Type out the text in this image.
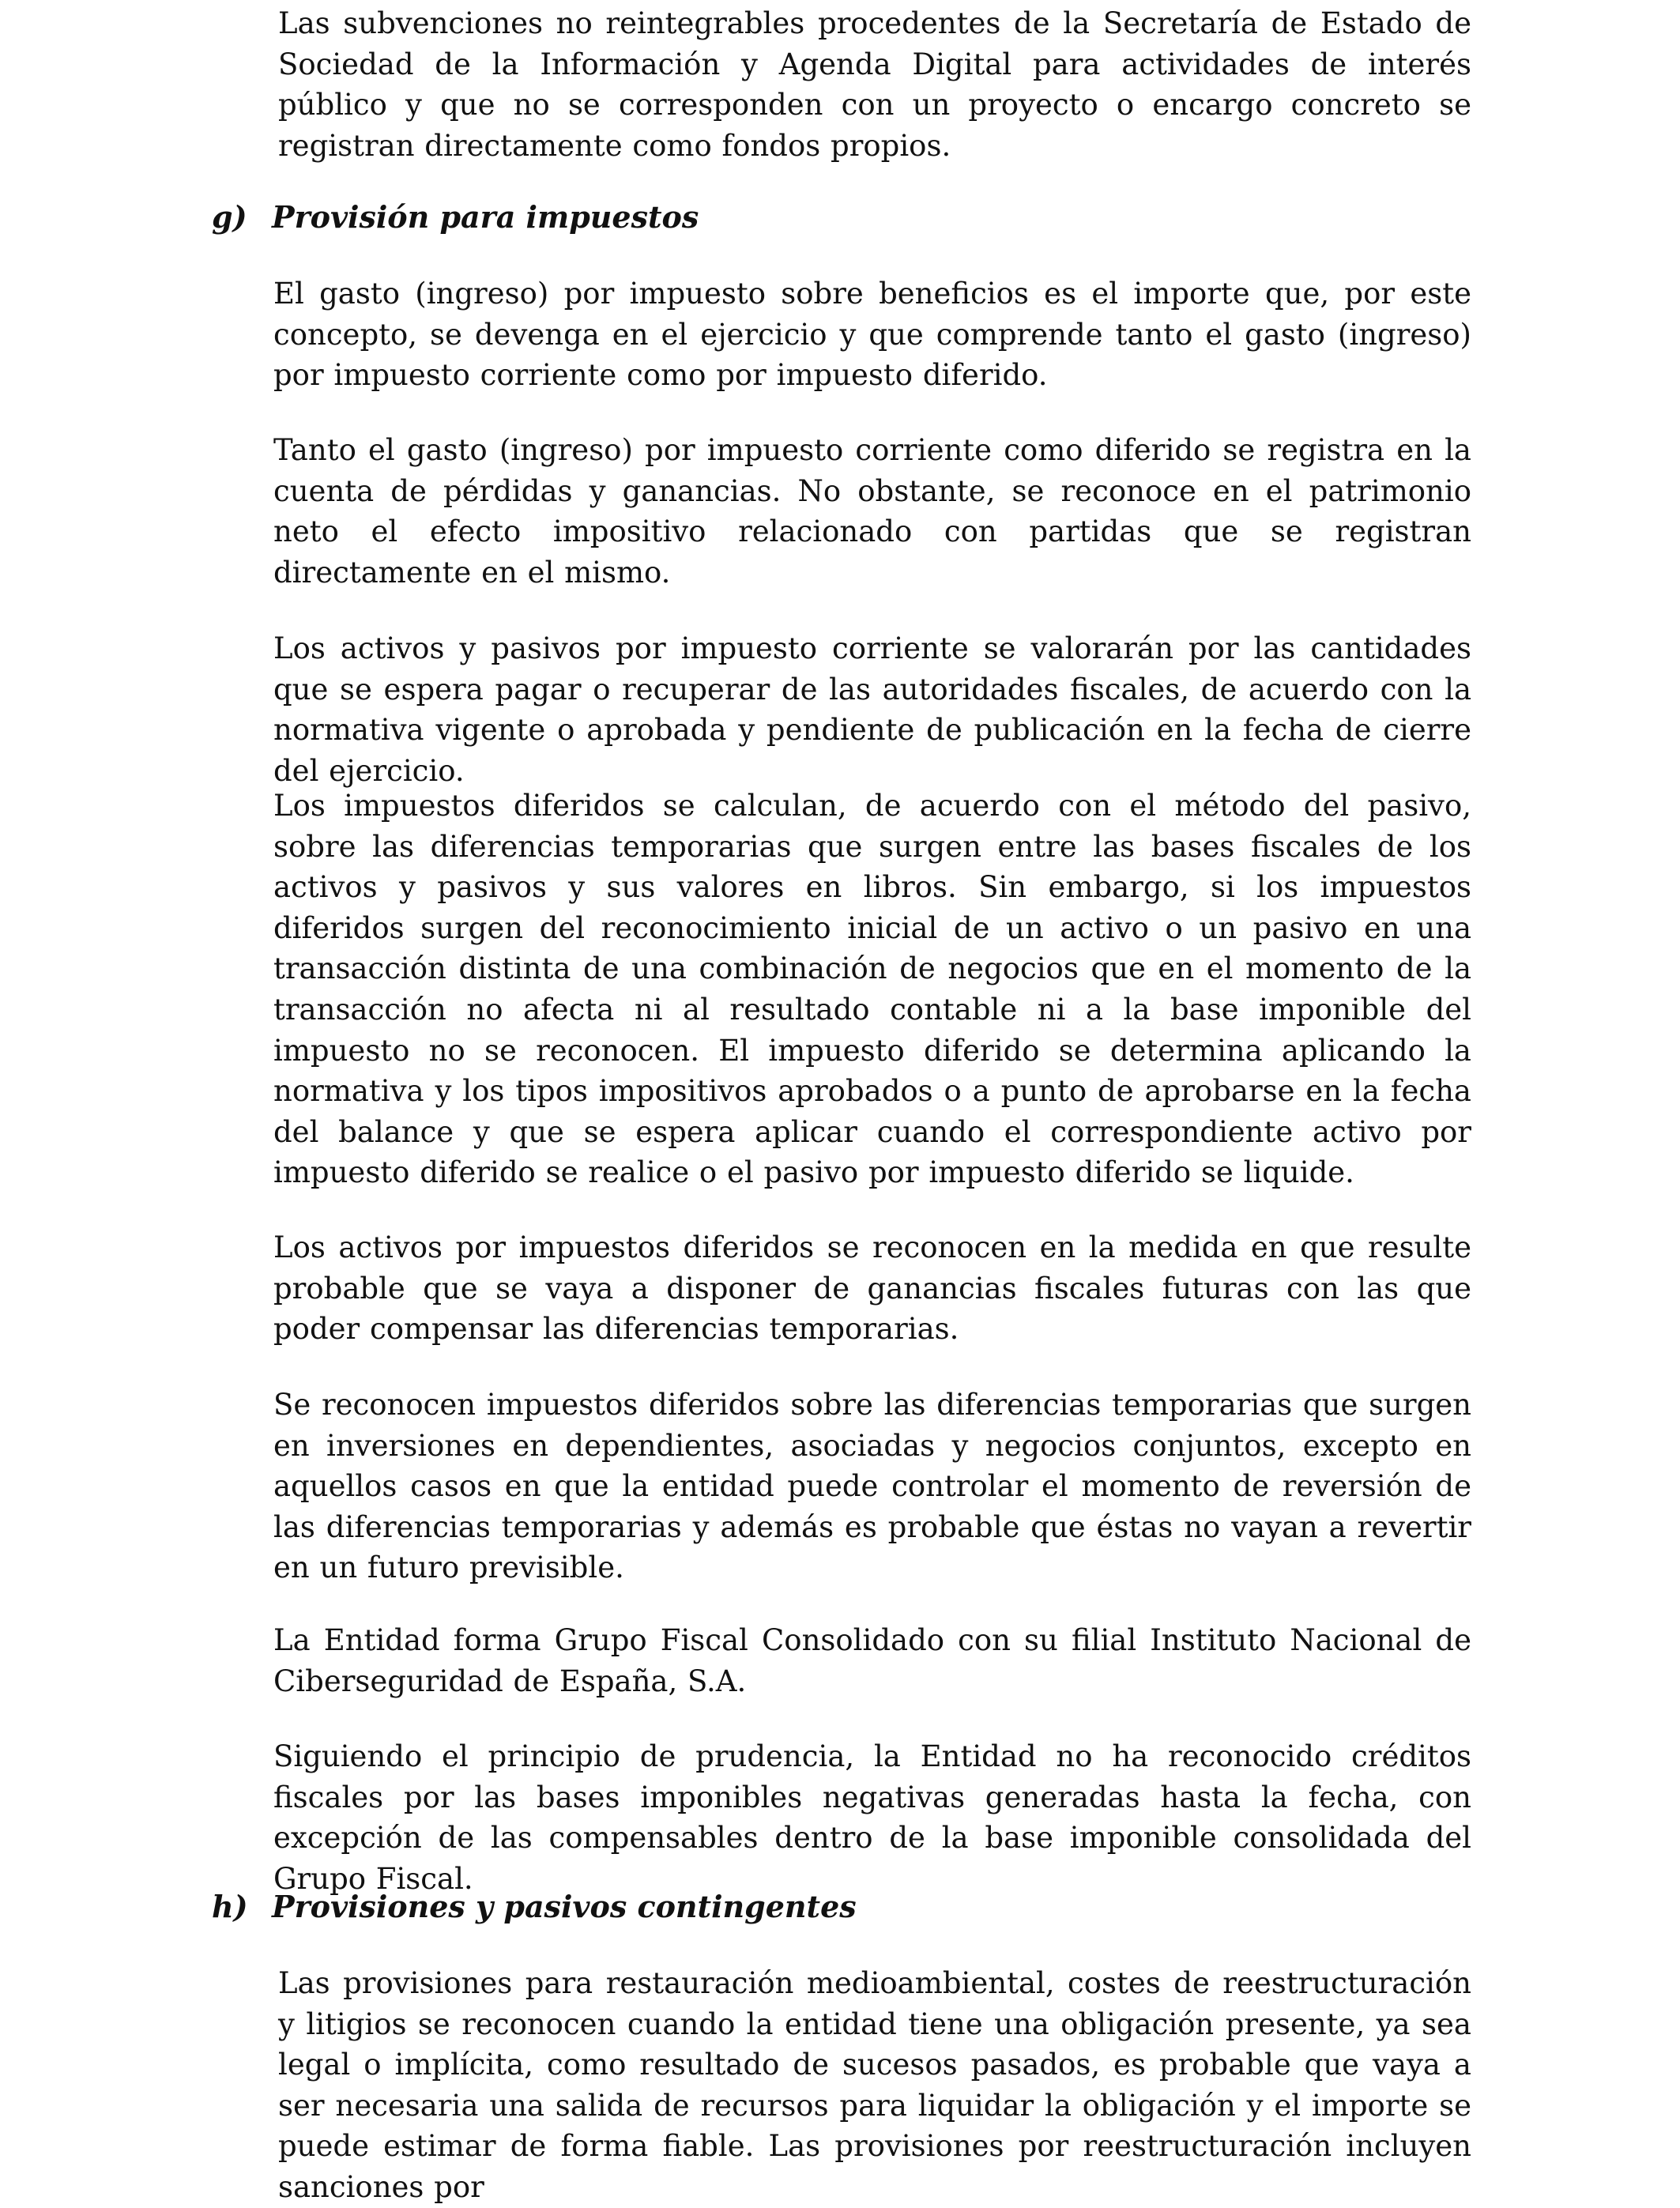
Las subvenciones no reintegrables procedentes de la Secretaría de Estado de Sociedad de la Información y Agenda Digital para actividades de interés público y que no se corresponden con un proyecto o encargo concreto se registran directamente como fondos propios.

g) Provisión para impuestos

El gasto (ingreso) por impuesto sobre beneficios es el importe que, por este concepto, se devenga en el ejercicio y que comprende tanto el gasto (ingreso) por impuesto corriente como por impuesto diferido.

Tanto el gasto (ingreso) por impuesto corriente como diferido se registra en la cuenta de pérdidas y ganancias. No obstante, se reconoce en el patrimonio neto el efecto impositivo relacionado con partidas que se registran directamente en el mismo.

Los activos y pasivos por impuesto corriente se valorarán por las cantidades que se espera pagar o recuperar de las autoridades fiscales, de acuerdo con la normativa vigente o aprobada y pendiente de publicación en la fecha de cierre del ejercicio.

Los impuestos diferidos se calculan, de acuerdo con el método del pasivo, sobre las diferencias temporarias que surgen entre las bases fiscales de los activos y pasivos y sus valores en libros. Sin embargo, si los impuestos diferidos surgen del reconocimiento inicial de un activo o un pasivo en una transacción distinta de una combinación de negocios que en el momento de la transacción no afecta ni al resultado contable ni a la base imponible del impuesto no se reconocen. El impuesto diferido se determina aplicando la normativa y los tipos impositivos aprobados o a punto de aprobarse en la fecha del balance y que se espera aplicar cuando el correspondiente activo por impuesto diferido se realice o el pasivo por impuesto diferido se liquide.

Los activos por impuestos diferidos se reconocen en la medida en que resulte probable que se vaya a disponer de ganancias fiscales futuras con las que poder compensar las diferencias temporarias.

Se reconocen impuestos diferidos sobre las diferencias temporarias que surgen en inversiones en dependientes, asociadas y negocios conjuntos, excepto en aquellos casos en que la entidad puede controlar el momento de reversión de las diferencias temporarias y además es probable que éstas no vayan a revertir en un futuro previsible.

La Entidad forma Grupo Fiscal Consolidado con su filial Instituto Nacional de Ciberseguridad de España, S.A.

Siguiendo el principio de prudencia, la Entidad no ha reconocido créditos fiscales por las bases imponibles negativas generadas hasta la fecha, con excepción de las compensables dentro de la base imponible consolidada del Grupo Fiscal.

h) Provisiones y pasivos contingentes

Las provisiones para restauración medioambiental, costes de reestructuración y litigios se reconocen cuando la entidad tiene una obligación presente, ya sea legal o implícita, como resultado de sucesos pasados, es probable que vaya a ser necesaria una salida de recursos para liquidar la obligación y el importe se puede estimar de forma fiable. Las provisiones por reestructuración incluyen sanciones por
